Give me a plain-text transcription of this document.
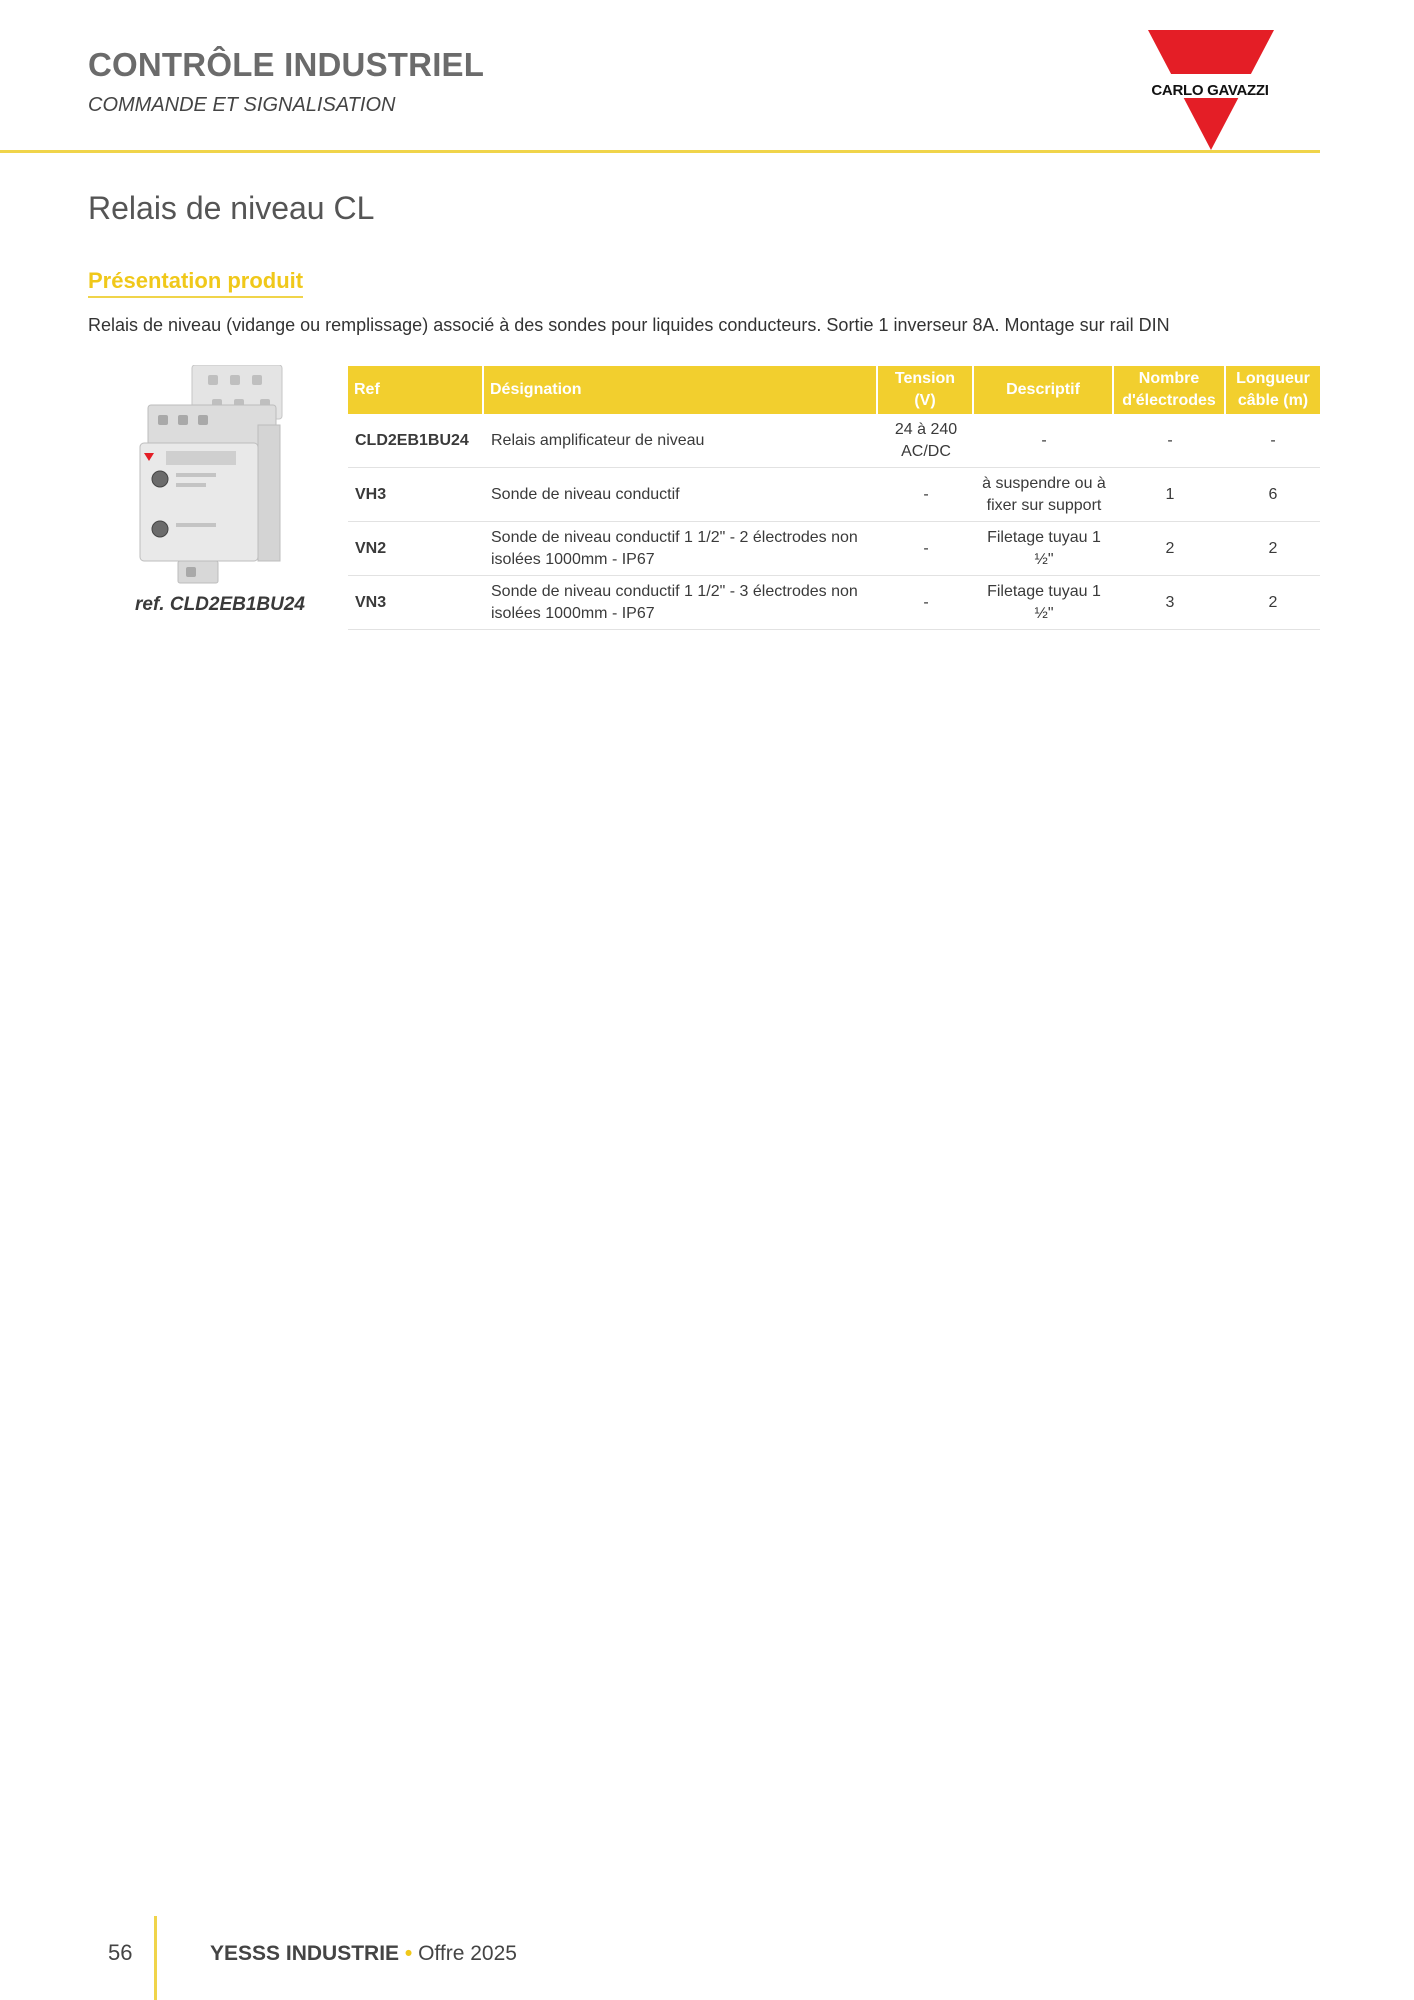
CONTRÔLE INDUSTRIEL

COMMANDE ET SIGNALISATION

CARLO GAVAZZI
Relais de niveau CL
Présentation produit

Relais de niveau (vidange ou remplissage) associé à des sondes pour liquides conducteurs. Sortie 1 inverseur 8A. Montage sur rail DIN

ref. CLD2EB1BU24
Ref	Désignation	Tension (V)	Descriptif	Nombre d'électrodes	Longueur câble (m)
CLD2EB1BU24	Relais amplificateur de niveau	24 à 240 AC/DC	-	-	-
VH3	Sonde de niveau conductif	-	à suspendre ou à fixer sur support	1	6
VN2	Sonde de niveau conductif 1 1/2" - 2 électrodes non isolées 1000mm - IP67	-	Filetage tuyau 1 ½"	2	2
VN3	Sonde de niveau conductif 1 1/2" - 3 électrodes non isolées 1000mm - IP67	-	Filetage tuyau 1 ½"	3	2
56	YESSS INDUSTRIE • Offre 2025
